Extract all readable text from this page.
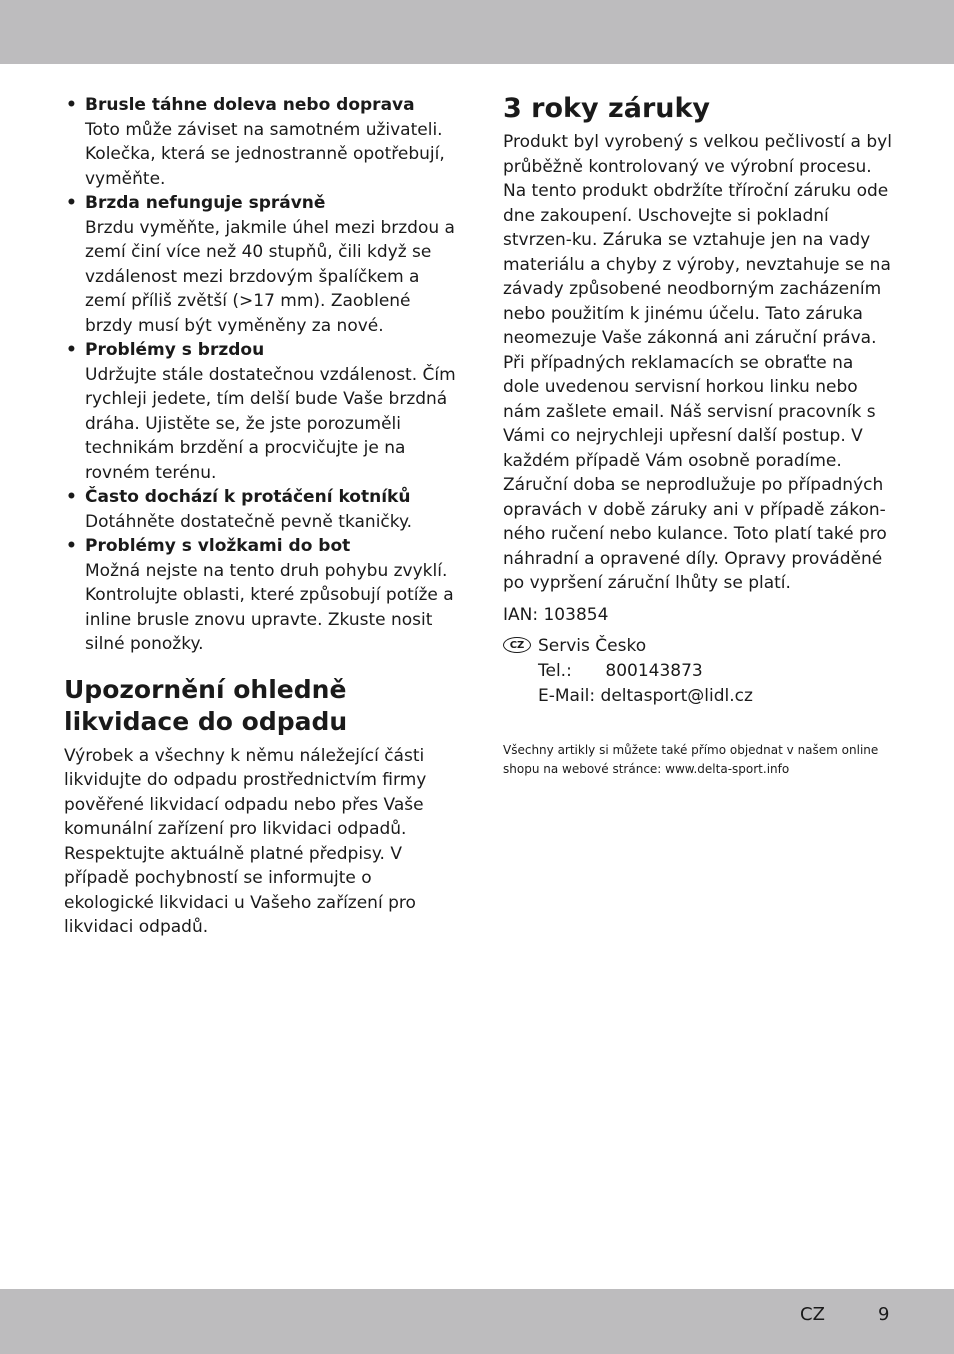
• Brusle táhne doleva nebo doprava
Toto může záviset na samotném uživateli. Kolečka, která se jednostranně opotřebují, vyměňte.
• Brzda nefunguje správně
Brzdu vyměňte, jakmile úhel mezi brzdou a zemí činí více než 40 stupňů, čili když se vzdálenost mezi brzdovým špalíčkem a zemí příliš zvětší (>17 mm). Zaoblené brzdy musí být vyměněny za nové.
• Problémy s brzdou
Udržujte stále dostatečnou vzdálenost. Čím rychleji jedete, tím delší bude Vaše brzdná dráha. Ujistěte se, že jste porozuměli technikám brzdění a procvičujte je na rovném terénu.
• Často dochází k protáčení kotníků
Dotáhněte dostatečně pevně tkaničky.
• Problémy s vložkami do bot
Možná nejste na tento druh pohybu zvyklí. Kontrolujte oblasti, které způsobují potíže a inline brusle znovu upravte. Zkuste nosit silné ponožky.
Upozornění ohledně
likvidace do odpadu

Výrobek a všechny k němu náležející části likvidujte do odpadu prostřednictvím firmy pověřené likvidací odpadu nebo přes Vaše komunální zařízení pro likvidaci odpadů. Respektujte aktuálně platné předpisy. V případě pochybností se informujte o ekologické likvidaci u Vašeho zařízení pro likvidaci odpadů.

3 roky záruky

Produkt byl vyrobený s velkou pečlivostí a byl průběžně kontrolovaný ve výrobní procesu. Na tento produkt obdržíte tříroční záruku ode dne zakoupení. Uschovejte si pokladní stvrzen-ku. Záruka se vztahuje jen na vady materiálu a chyby z výroby, nevztahuje se na závady způsobené neodborným zacházením nebo použitím k jinému účelu. Tato záruka neomezuje Vaše zákonná ani záruční práva. Při případných reklamacích se obraťte na dole uvedenou servisní horkou linku nebo nám zašlete email. Náš servisní pracovník s Vámi co nejrychleji upřesní další postup. V každém případě Vám osobně poradíme. Záruční doba se neprodlužuje po případných opravách v době záruky ani v případě zákon-ného ručení nebo kulance. Toto platí také pro náhradní a opravené díly. Opravy prováděné po vypršení záruční lhůty se platí.

IAN: 103854
CZ Servis Česko
Tel.: 800143873
E-Mail: deltasport@lidl.cz
Všechny artikly si můžete také přímo objednat v našem online shopu na webové stránce: www.delta-sport.info
CZ	9
